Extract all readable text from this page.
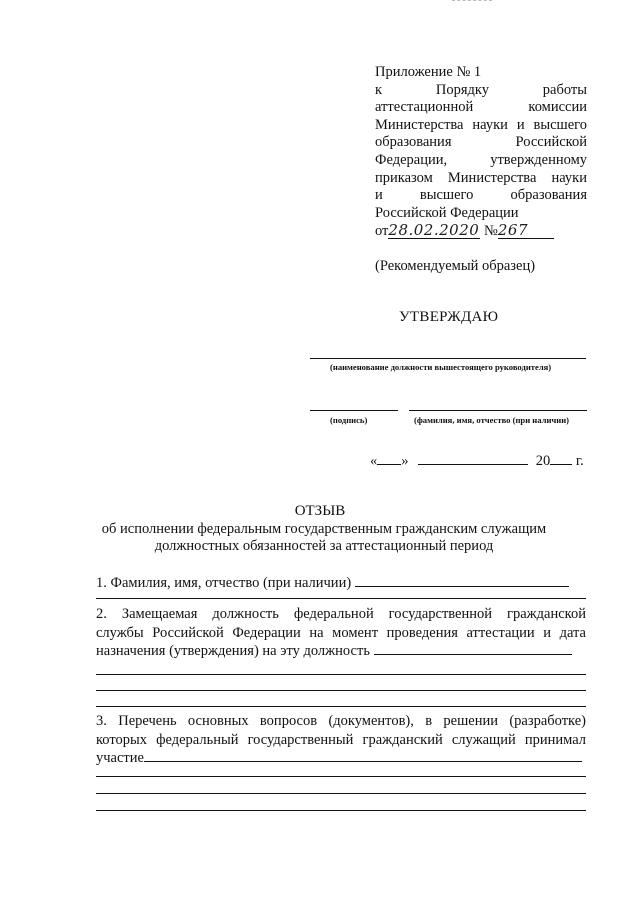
Приложение № 1
к Порядку работы
аттестационной комиссии
Министерства науки и высшего
образования Российской
Федерации, утвержденному
приказом Министерства науки
и высшего образования
Российской Федерации
от28.02.2020 №267
(Рекомендуемый образец)
УТВЕРЖДАЮ
(наименование должности вышестоящего руководителя)
(подпись)	(фамилия, имя, отчество (при наличии)
« »	20 г.
ОТЗЫВ
об исполнении федеральным государственным гражданским служащим
должностных обязанностей за аттестационный период
1. Фамилия, имя, отчество (при наличии)
2. Замещаемая должность федеральной государственной гражданской
службы Российской Федерации на момент проведения аттестации и дата
назначения (утверждения) на эту должность
3. Перечень основных вопросов (документов), в решении (разработке)
которых федеральный государственный гражданский служащий принимал
участие
